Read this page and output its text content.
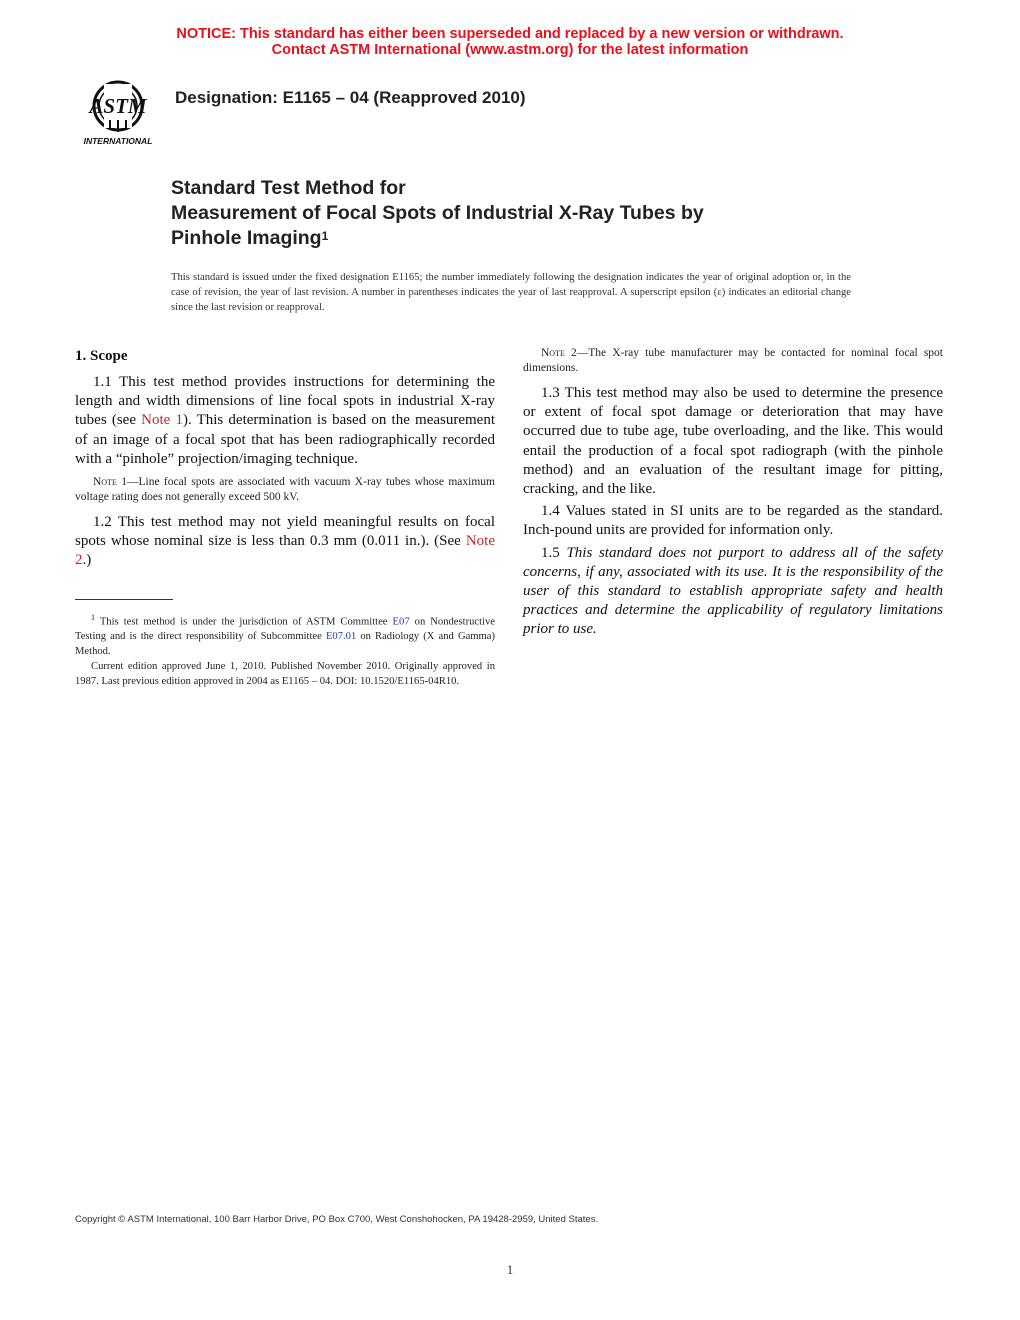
NOTICE: This standard has either been superseded and replaced by a new version or withdrawn.
Contact ASTM International (www.astm.org) for the latest information
ASTM
INTERNATIONAL
Designation: E1165 – 04 (Reapproved 2010)
Standard Test Method for
Measurement of Focal Spots of Industrial X-Ray Tubes by
Pinhole Imaging$^1$
This standard is issued under the fixed designation E1165; the number immediately following the designation indicates the year of original adoption or, in the case of revision, the year of last revision. A number in parentheses indicates the year of last reapproval. A superscript epsilon (ε) indicates an editorial change since the last revision or reapproval.
1. Scope

1.1 This test method provides instructions for determining the length and width dimensions of line focal spots in industrial X-ray tubes (see Note 1). This determination is based on the measurement of an image of a focal spot that has been radiographically recorded with a “pinhole” projection/imaging technique.

Note 1—Line focal spots are associated with vacuum X-ray tubes whose maximum voltage rating does not generally exceed 500 kV.

1.2 This test method may not yield meaningful results on focal spots whose nominal size is less than 0.3 mm (0.011 in.). (See Note 2.)

$^1$ This test method is under the jurisdiction of ASTM Committee E07 on Nondestructive Testing and is the direct responsibility of Subcommittee E07.01 on Radiology (X and Gamma) Method.

Current edition approved June 1, 2010. Published November 2010. Originally approved in 1987. Last previous edition approved in 2004 as E1165 – 04. DOI: 10.1520/E1165-04R10.

Note 2—The X-ray tube manufacturer may be contacted for nominal focal spot dimensions.

1.3 This test method may also be used to determine the presence or extent of focal spot damage or deterioration that may have occurred due to tube age, tube overloading, and the like. This would entail the production of a focal spot radiograph (with the pinhole method) and an evaluation of the resultant image for pitting, cracking, and the like.

1.4 Values stated in SI units are to be regarded as the standard. Inch-pound units are provided for information only.

1.5 This standard does not purport to address all of the safety concerns, if any, associated with its use. It is the responsibility of the user of this standard to establish appropriate safety and health practices and determine the applicability of regulatory limitations prior to use.

Copyright © ASTM International, 100 Barr Harbor Drive, PO Box C700, West Conshohocken, PA 19428-2959, United States.
1
